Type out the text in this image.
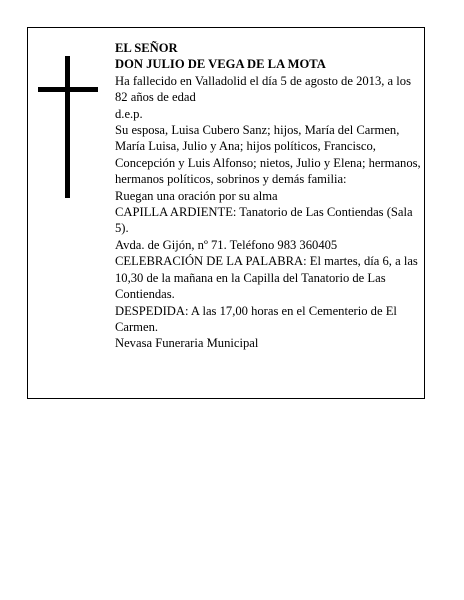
EL SEÑOR

DON JULIO DE VEGA DE LA MOTA

Ha fallecido en Valladolid el día 5 de agosto de 2013, a los 82 años de edad

d.e.p.

Su esposa, Luisa Cubero Sanz; hijos, María del Carmen, María Luisa, Julio y Ana; hijos políticos, Francisco, Concepción y Luis Alfonso; nietos, Julio y Elena; hermanos, hermanos políticos, sobrinos y demás familia:

Ruegan una oración por su alma

CAPILLA ARDIENTE: Tanatorio de Las Contiendas (Sala 5).

Avda. de Gijón, nº 71. Teléfono 983 360405

CELEBRACIÓN DE LA PALABRA: El martes, día 6, a las 10,30 de la mañana en la Capilla del Tanatorio de Las Contiendas.

DESPEDIDA: A las 17,00 horas en el Cementerio de El Carmen.

Nevasa Funeraria Municipal
